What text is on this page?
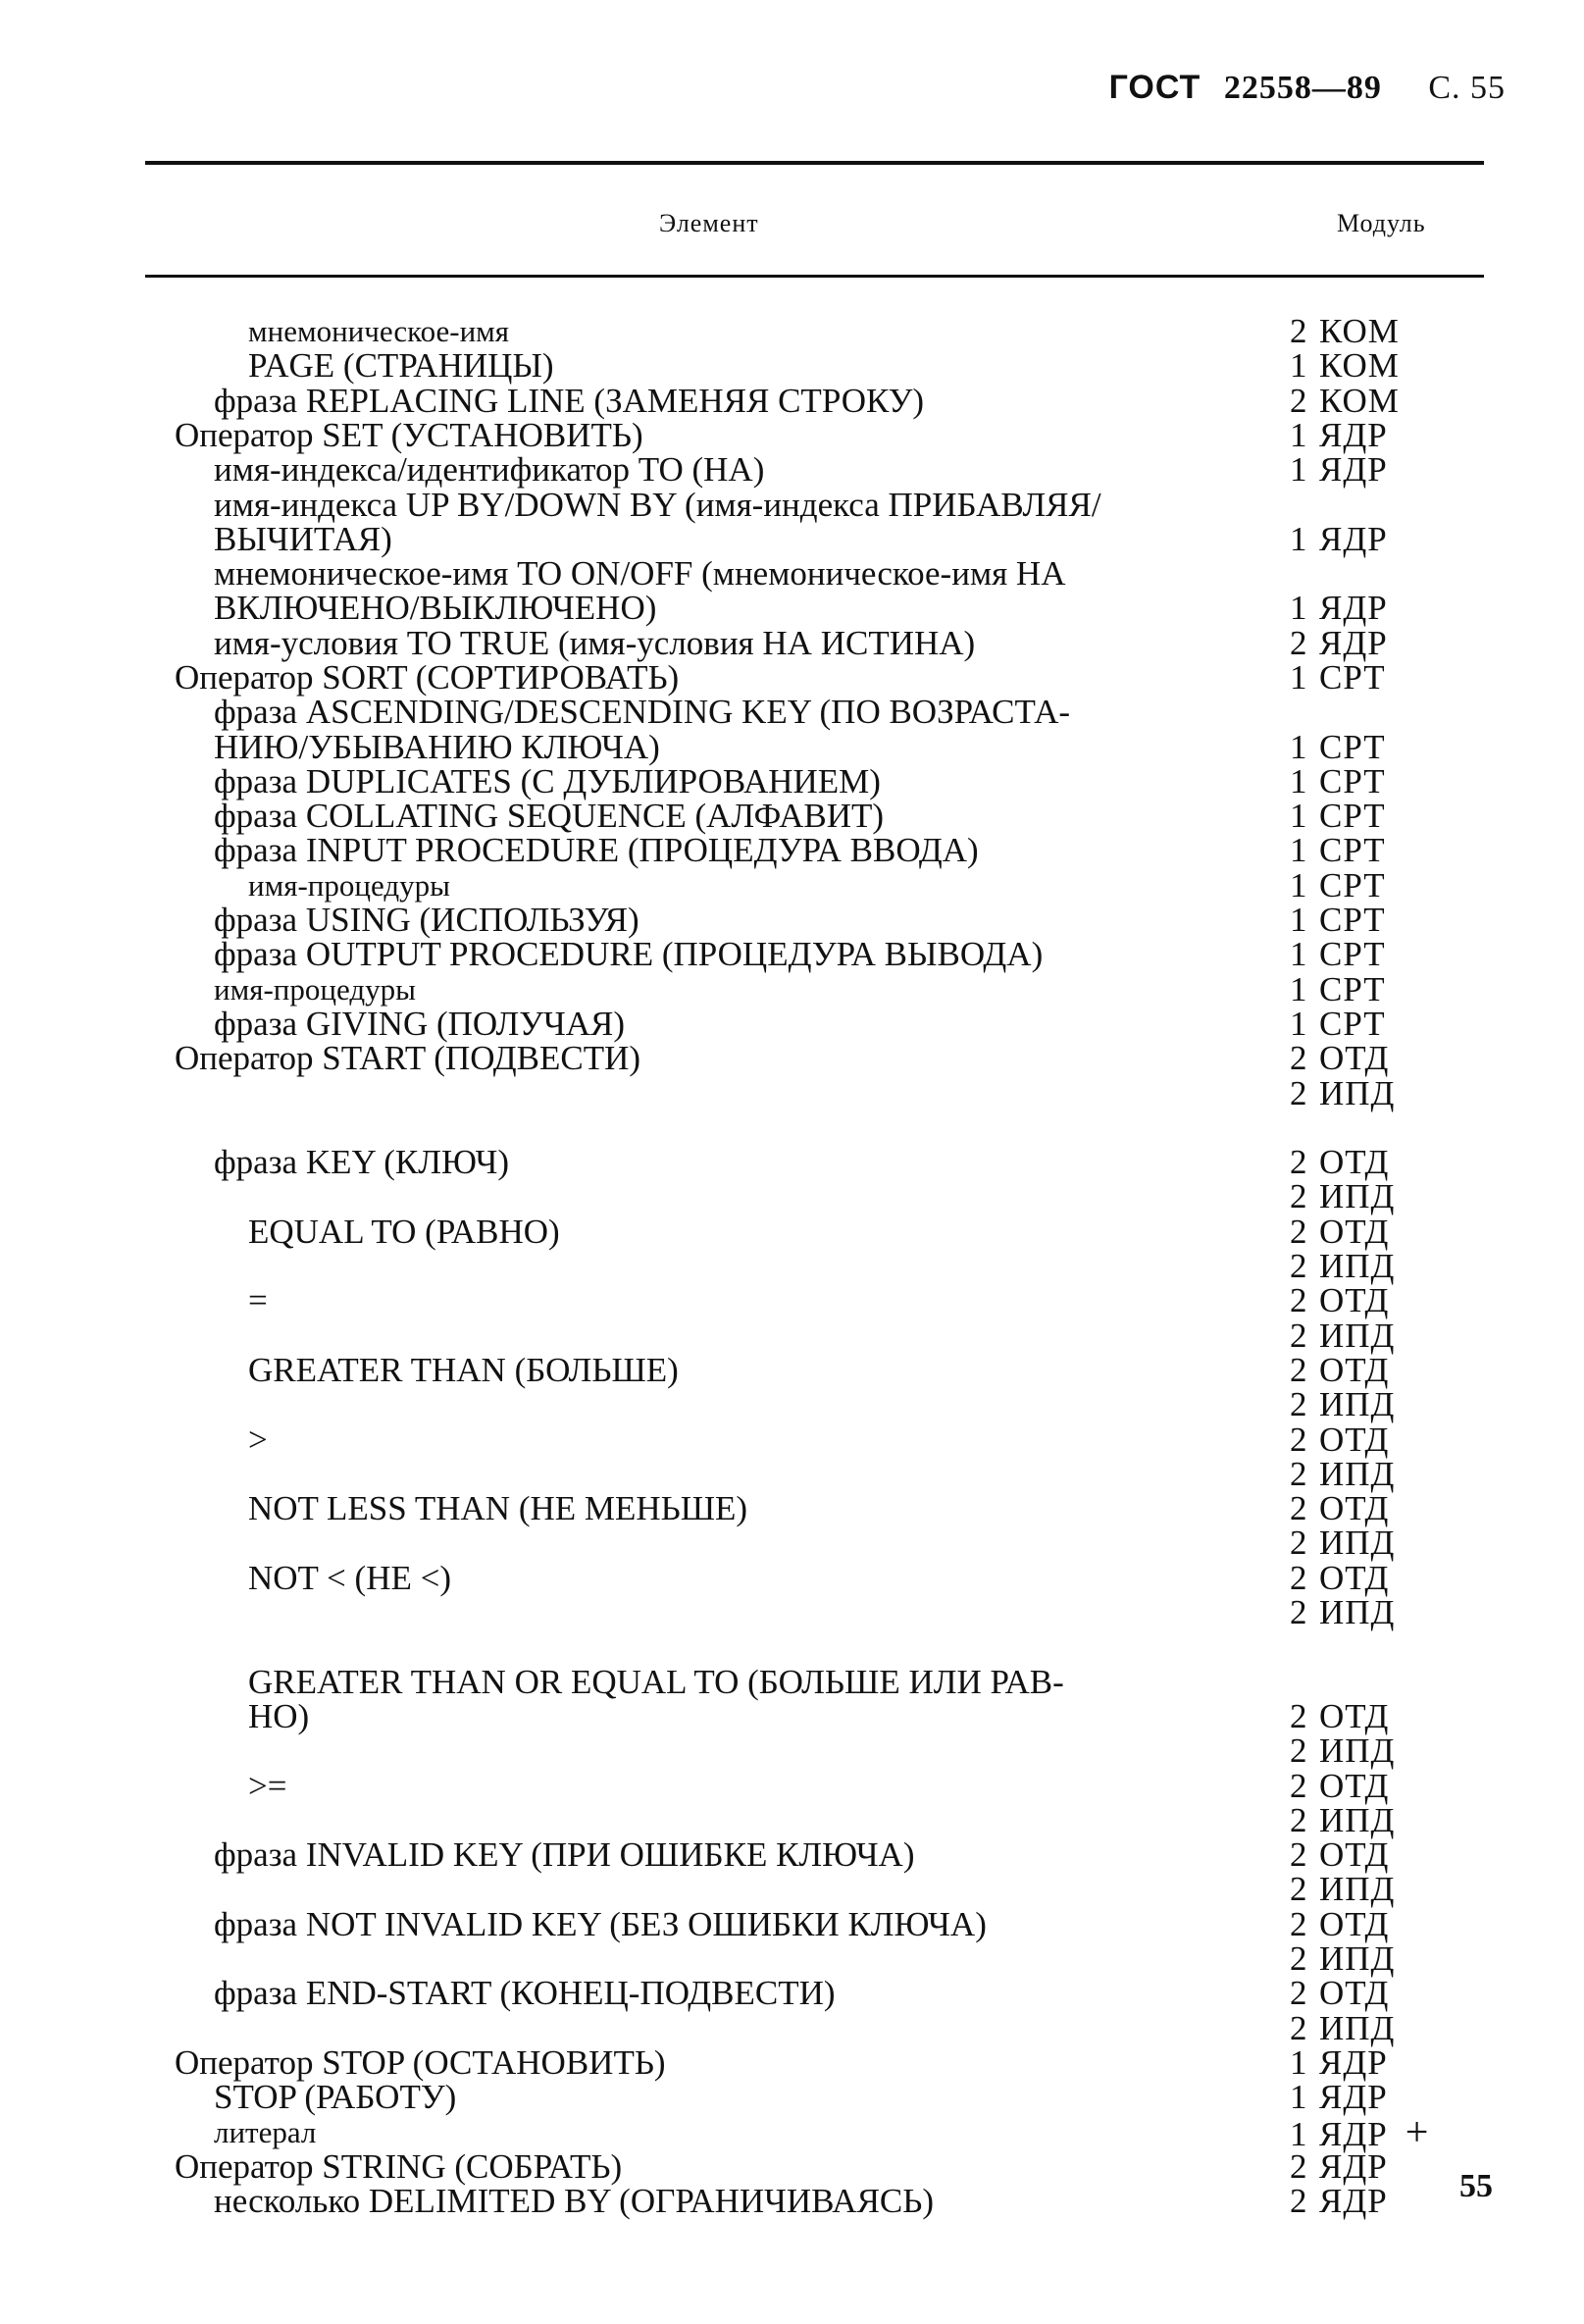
ГОСТ 22558—89 С. 55
Элемент	Модуль
мнемоническое-имя	2 КОМ
PAGE (СТРАНИЦЫ)	1 КОМ
фраза REPLACING LINE (ЗАМЕНЯЯ СТРОКУ)	2 КОМ
Оператор SET (УСТАНОВИТЬ)	1 ЯДР
имя-индекса/идентификатор TO (НА)	1 ЯДР
имя-индекса UP BY/DOWN BY (имя-индекса ПРИБАВЛЯЯ/
ВЫЧИТАЯ)	1 ЯДР
мнемоническое-имя TO ON/OFF (мнемоническое-имя НА
ВКЛЮЧЕНО/ВЫКЛЮЧЕНО)	1 ЯДР
имя-условия TO TRUE (имя-условия НА ИСТИНА)	2 ЯДР
Оператор SORT (СОРТИРОВАТЬ)	1 СРТ
фраза ASCENDING/DESCENDING KEY (ПО ВОЗРАСТА-
НИЮ/УБЫВАНИЮ КЛЮЧА)	1 СРТ
фраза DUPLICATES (С ДУБЛИРОВАНИЕМ)	1 СРТ
фраза COLLATING SEQUENCE (АЛФАВИТ)	1 СРТ
фраза INPUT PROCEDURE (ПРОЦЕДУРА ВВОДА)	1 СРТ
имя-процедуры	1 СРТ
фраза USING (ИСПОЛЬЗУЯ)	1 СРТ
фраза OUTPUT PROCEDURE (ПРОЦЕДУРА ВЫВОДА)	1 СРТ
имя-процедуры	1 СРТ
фраза GIVING (ПОЛУЧАЯ)	1 СРТ
Оператор START (ПОДВЕСТИ)	2 ОТД
2 ИПД
фраза KEY (КЛЮЧ)	2 ОТД
2 ИПД
EQUAL TO (РАВНО)	2 ОТД
2 ИПД
=	2 ОТД
2 ИПД
GREATER THAN (БОЛЬШЕ)	2 ОТД
2 ИПД
>	2 ОТД
2 ИПД
NOT LESS THAN (НЕ МЕНЬШЕ)	2 ОТД
2 ИПД
NOT < (НЕ <)	2 ОТД
2 ИПД
GREATER THAN OR EQUAL TO (БОЛЬШЕ ИЛИ РАВ-
НО)	2 ОТД
2 ИПД
>=	2 ОТД
2 ИПД
фраза INVALID KEY (ПРИ ОШИБКЕ КЛЮЧА)	2 ОТД
2 ИПД
фраза NOT INVALID KEY (БЕЗ ОШИБКИ КЛЮЧА)	2 ОТД
2 ИПД
фраза END-START (КОНЕЦ-ПОДВЕСТИ)	2 ОТД
2 ИПД
Оператор STOP (ОСТАНОВИТЬ)	1 ЯДР
STOP (РАБОТУ)	1 ЯДР
литерал	1 ЯДР +
Оператор STRING (СОБРАТЬ)	2 ЯДР
несколько DELIMITED BY (ОГРАНИЧИВАЯСЬ)	2 ЯДР 55
